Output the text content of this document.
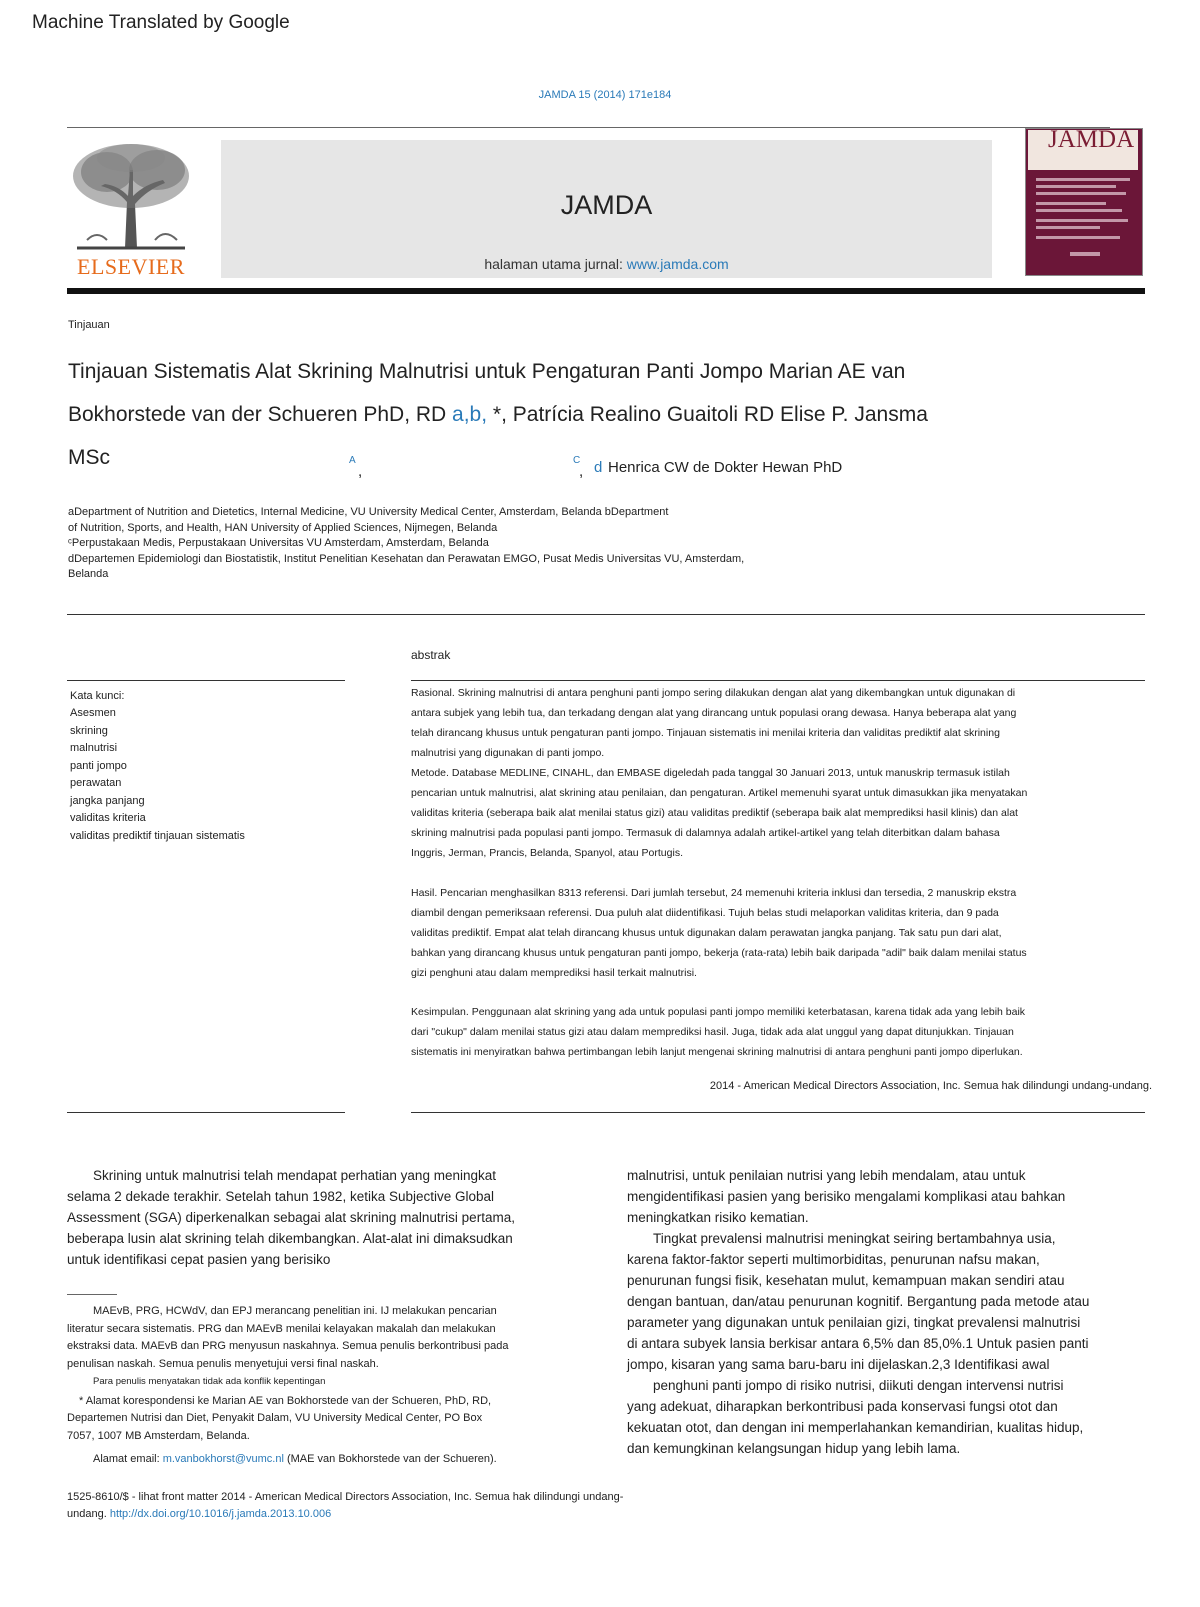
Machine Translated by Google
JAMDA 15 (2014) 171e184
ELSEVIER
JAMDA
halaman utama jurnal: www.jamda.com
JAMDA
Tinjauan
Tinjauan Sistematis Alat Skrining Malnutrisi untuk Pengaturan Panti Jompo Marian AE van
Bokhorstede van der Schueren PhD, RD a,b, *, Patrícia Realino Guaitoli RD Elise P. Jansma
MSc	A
,
C
, d Henrica CW de Dokter Hewan PhD
aDepartment of Nutrition and Dietetics, Internal Medicine, VU University Medical Center, Amsterdam, Belanda bDepartment
of Nutrition, Sports, and Health, HAN University of Applied Sciences, Nijmegen, Belanda
ᶜPerpustakaan Medis, Perpustakaan Universitas VU Amsterdam, Amsterdam, Belanda
dDepartemen Epidemiologi dan Biostatistik, Institut Penelitian Kesehatan dan Perawatan EMGO, Pusat Medis Universitas VU, Amsterdam,
Belanda
abstrak
Kata kunci:
Asesmen
skrining
malnutrisi
panti jompo
perawatan
jangka panjang
validitas kriteria
validitas prediktif tinjauan sistematis
Rasional. Skrining malnutrisi di antara penghuni panti jompo sering dilakukan dengan alat yang dikembangkan untuk digunakan di
antara subjek yang lebih tua, dan terkadang dengan alat yang dirancang untuk populasi orang dewasa. Hanya beberapa alat yang
telah dirancang khusus untuk pengaturan panti jompo. Tinjauan sistematis ini menilai kriteria dan validitas prediktif alat skrining
malnutrisi yang digunakan di panti jompo.
Metode. Database MEDLINE, CINAHL, dan EMBASE digeledah pada tanggal 30 Januari 2013, untuk manuskrip termasuk istilah
pencarian untuk malnutrisi, alat skrining atau penilaian, dan pengaturan. Artikel memenuhi syarat untuk dimasukkan jika menyatakan
validitas kriteria (seberapa baik alat menilai status gizi) atau validitas prediktif (seberapa baik alat memprediksi hasil klinis) dan alat
skrining malnutrisi pada populasi panti jompo. Termasuk di dalamnya adalah artikel-artikel yang telah diterbitkan dalam bahasa
Inggris, Jerman, Prancis, Belanda, Spanyol, atau Portugis.
Hasil. Pencarian menghasilkan 8313 referensi. Dari jumlah tersebut, 24 memenuhi kriteria inklusi dan tersedia, 2 manuskrip ekstra
diambil dengan pemeriksaan referensi. Dua puluh alat diidentifikasi. Tujuh belas studi melaporkan validitas kriteria, dan 9 pada
validitas prediktif. Empat alat telah dirancang khusus untuk digunakan dalam perawatan jangka panjang. Tak satu pun dari alat,
bahkan yang dirancang khusus untuk pengaturan panti jompo, bekerja (rata-rata) lebih baik daripada "adil" baik dalam menilai status
gizi penghuni atau dalam memprediksi hasil terkait malnutrisi.
Kesimpulan. Penggunaan alat skrining yang ada untuk populasi panti jompo memiliki keterbatasan, karena tidak ada yang lebih baik
dari "cukup" dalam menilai status gizi atau dalam memprediksi hasil. Juga, tidak ada alat unggul yang dapat ditunjukkan. Tinjauan
sistematis ini menyiratkan bahwa pertimbangan lebih lanjut mengenai skrining malnutrisi di antara penghuni panti jompo diperlukan.
2014 - American Medical Directors Association, Inc. Semua hak dilindungi undang-undang.
Skrining untuk malnutrisi telah mendapat perhatian yang meningkat
selama 2 dekade terakhir. Setelah tahun 1982, ketika Subjective Global
Assessment (SGA) diperkenalkan sebagai alat skrining malnutrisi pertama,
beberapa lusin alat skrining telah dikembangkan. Alat-alat ini dimaksudkan
untuk identifikasi cepat pasien yang berisiko
malnutrisi, untuk penilaian nutrisi yang lebih mendalam, atau untuk
mengidentifikasi pasien yang berisiko mengalami komplikasi atau bahkan
meningkatkan risiko kematian.
Tingkat prevalensi malnutrisi meningkat seiring bertambahnya usia,
karena faktor-faktor seperti multimorbiditas, penurunan nafsu makan,
penurunan fungsi fisik, kesehatan mulut, kemampuan makan sendiri atau
dengan bantuan, dan/atau penurunan kognitif. Bergantung pada metode atau
parameter yang digunakan untuk penilaian gizi, tingkat prevalensi malnutrisi
di antara subyek lansia berkisar antara 6,5% dan 85,0%.1 Untuk pasien panti
jompo, kisaran yang sama baru-baru ini dijelaskan.2,3 Identifikasi awal
penghuni panti jompo di risiko nutrisi, diikuti dengan intervensi nutrisi
yang adekuat, diharapkan berkontribusi pada konservasi fungsi otot dan
kekuatan otot, dan dengan ini memperlahankan kemandirian, kualitas hidup,
dan kemungkinan kelangsungan hidup yang lebih lama.
MAEvB, PRG, HCWdV, dan EPJ merancang penelitian ini. IJ melakukan pencarian
literatur secara sistematis. PRG dan MAEvB menilai kelayakan makalah dan melakukan
ekstraksi data. MAEvB dan PRG menyusun naskahnya. Semua penulis berkontribusi pada
penulisan naskah. Semua penulis menyetujui versi final naskah.
Para penulis menyatakan tidak ada konflik kepentingan
* Alamat korespondensi ke Marian AE van Bokhorstede van der Schueren, PhD, RD,
Departemen Nutrisi dan Diet, Penyakit Dalam, VU University Medical Center, PO Box
7057, 1007 MB Amsterdam, Belanda.
Alamat email: m.vanbokhorst@vumc.nl (MAE van Bokhorstede van der Schueren).
1525-8610/$ - lihat front matter 2014 - American Medical Directors Association, Inc. Semua hak dilindungi undang-
undang. http://dx.doi.org/10.1016/j.jamda.2013.10.006
